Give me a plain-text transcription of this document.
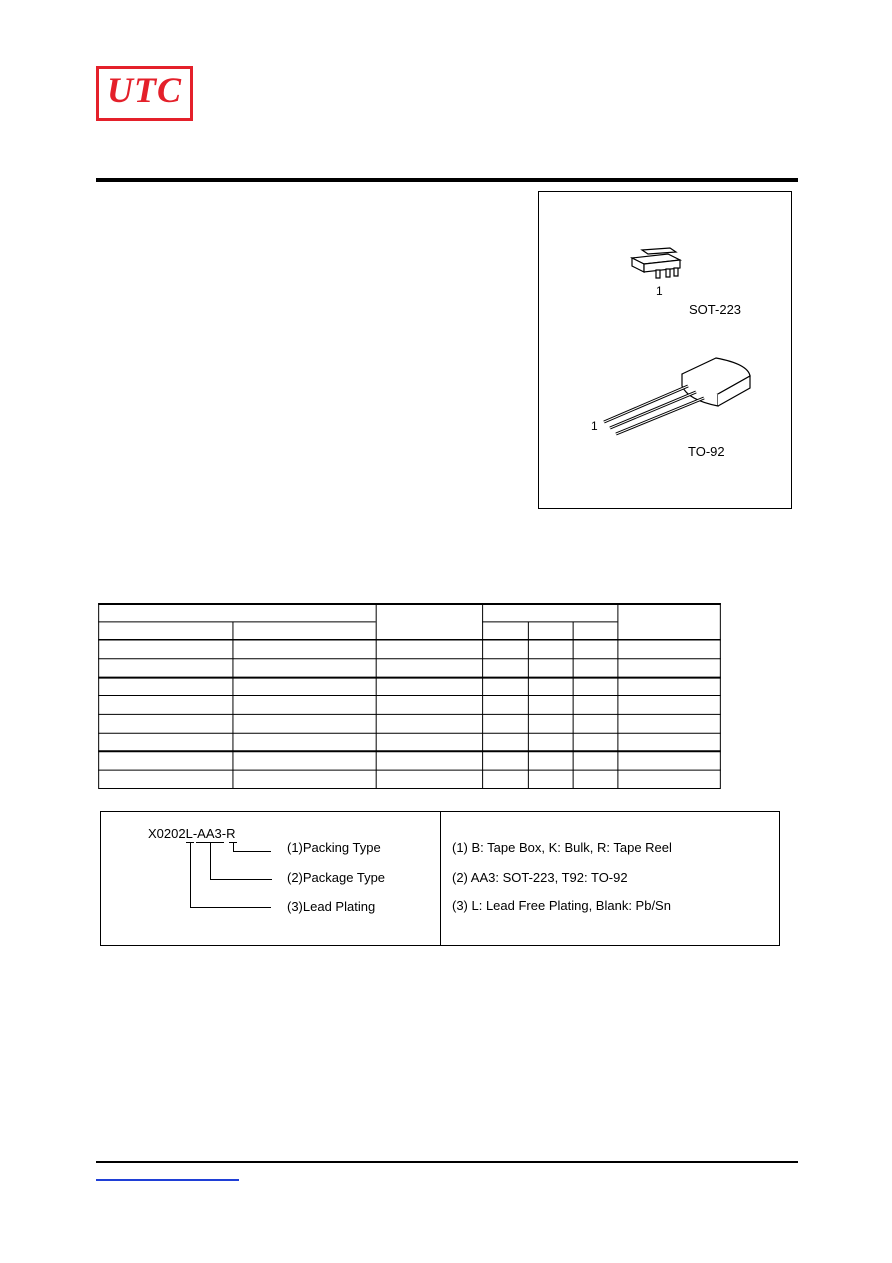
UTC
1
SOT-223
1
TO-92
X0202L-AA3-R
(1)Packing Type
(2)Package Type
(3)Lead Plating
(1) B: Tape Box, K: Bulk, R: Tape Reel
(2) AA3: SOT-223, T92: TO-92
(3) L: Lead Free Plating, Blank: Pb/Sn
